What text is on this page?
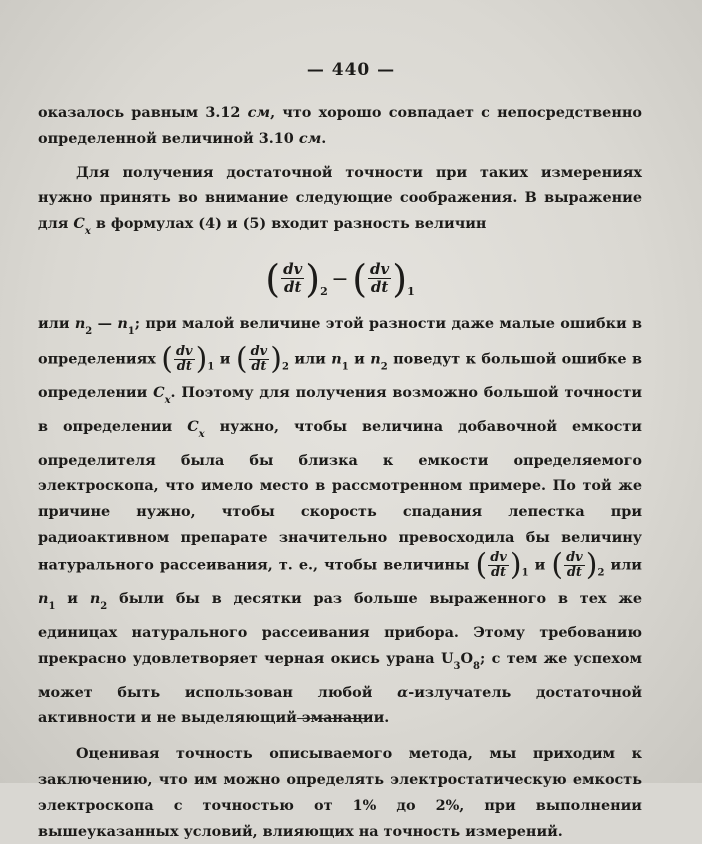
— 440 —

оказалось равным 3.12 см, что хорошо совпадает с непосредственно определенной величиной 3.10 см.

Для получения достаточной точности при таких измерениях нужно принять во внимание следующие соображения. В выражение для $C_x$ в формулах (4) и (5) входит разность величин

( $\frac{dv}{dt} )_2$ — ( $\frac{dv}{dt} )_1$

или $n_2$ — $n_1$; при малой величине этой разности даже малые ошибки в определениях ( $\frac{dv}{dt} )_1$ и ( $\frac{dv}{dt} )_2$ или $n_1$ и $n_2$ поведут к большой ошибке в определении $C_x$. Поэтому для получения возможно большой точности в определении $C_x$ нужно, чтобы величина добавочной емкости определителя была бы близка к емкости определяемого электроскопа, что имело место в рассмотренном примере. По той же причине нужно, чтобы скорость спадания лепестка при радиоактивном препарате значительно превосходила бы величину натурального рассеивания, т. е., чтобы величины ( $\frac{dv}{dt} )_1$ и ( $\frac{dv}{dt} )_2$ или $n_1$ и $n_2$ были бы в десятки раз больше выраженного в тех же единицах натурального рассеивания прибора. Этому требованию прекрасно удовлетворяет черная окись урана $U_3O_8$; с тем же успехом может быть использован любой α-излучатель достаточной активности и не выделяющий эманации.

Оценивая точность описываемого метода, мы приходим к заключению, что им можно определять электростатическую емкость электроскопа с точностью от 1% до 2%, при выполнении вышеуказанных условий, влияющих на точность измерений.
